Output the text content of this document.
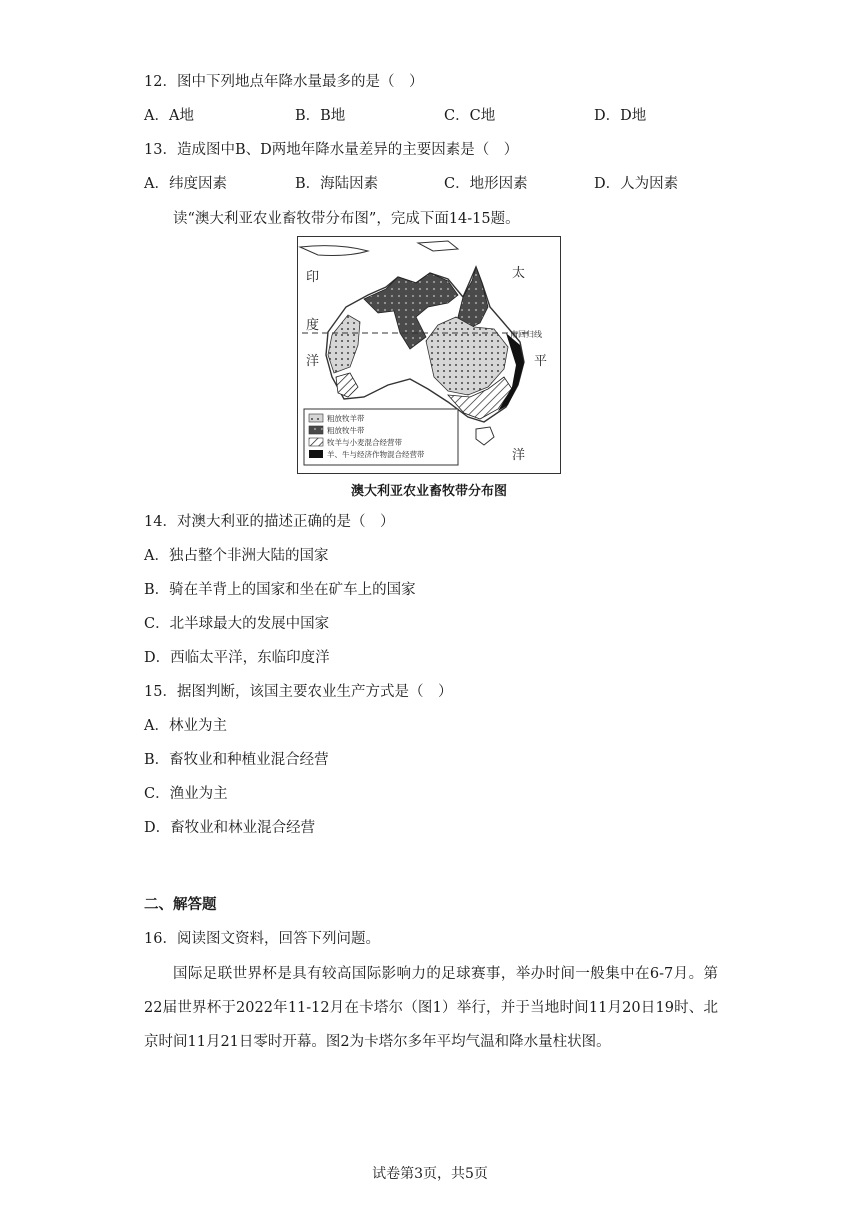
12．图中下列地点年降水量最多的是（　）
A．A地	B．B地	C．C地	D．D地
13．造成图中B、D两地年降水量差异的主要因素是（　）
A．纬度因素	B．海陆因素	C．地形因素	D．人为因素
读“澳大利亚农业畜牧带分布图”，完成下面14-15题。
印
度
洋
太
平
洋
南回归线
粗放牧羊带
粗放牧牛带
牧羊与小麦混合经营带
羊、牛与经济作物混合经营带
澳大利亚农业畜牧带分布图
14．对澳大利亚的描述正确的是（　）
A．独占整个非洲大陆的国家
B．骑在羊背上的国家和坐在矿车上的国家
C．北半球最大的发展中国家
D．西临太平洋，东临印度洋
15．据图判断，该国主要农业生产方式是（　）
A．林业为主
B．畜牧业和种植业混合经营
C．渔业为主
D．畜牧业和林业混合经营
二、解答题
16．阅读图文资料，回答下列问题。
国际足联世界杯是具有较高国际影响力的足球赛事，举办时间一般集中在6-7月。第22届世界杯于2022年11-12月在卡塔尔（图1）举行，并于当地时间11月20日19时、北京时间11月21日零时开幕。图2为卡塔尔多年平均气温和降水量柱状图。
试卷第3页，共5页
